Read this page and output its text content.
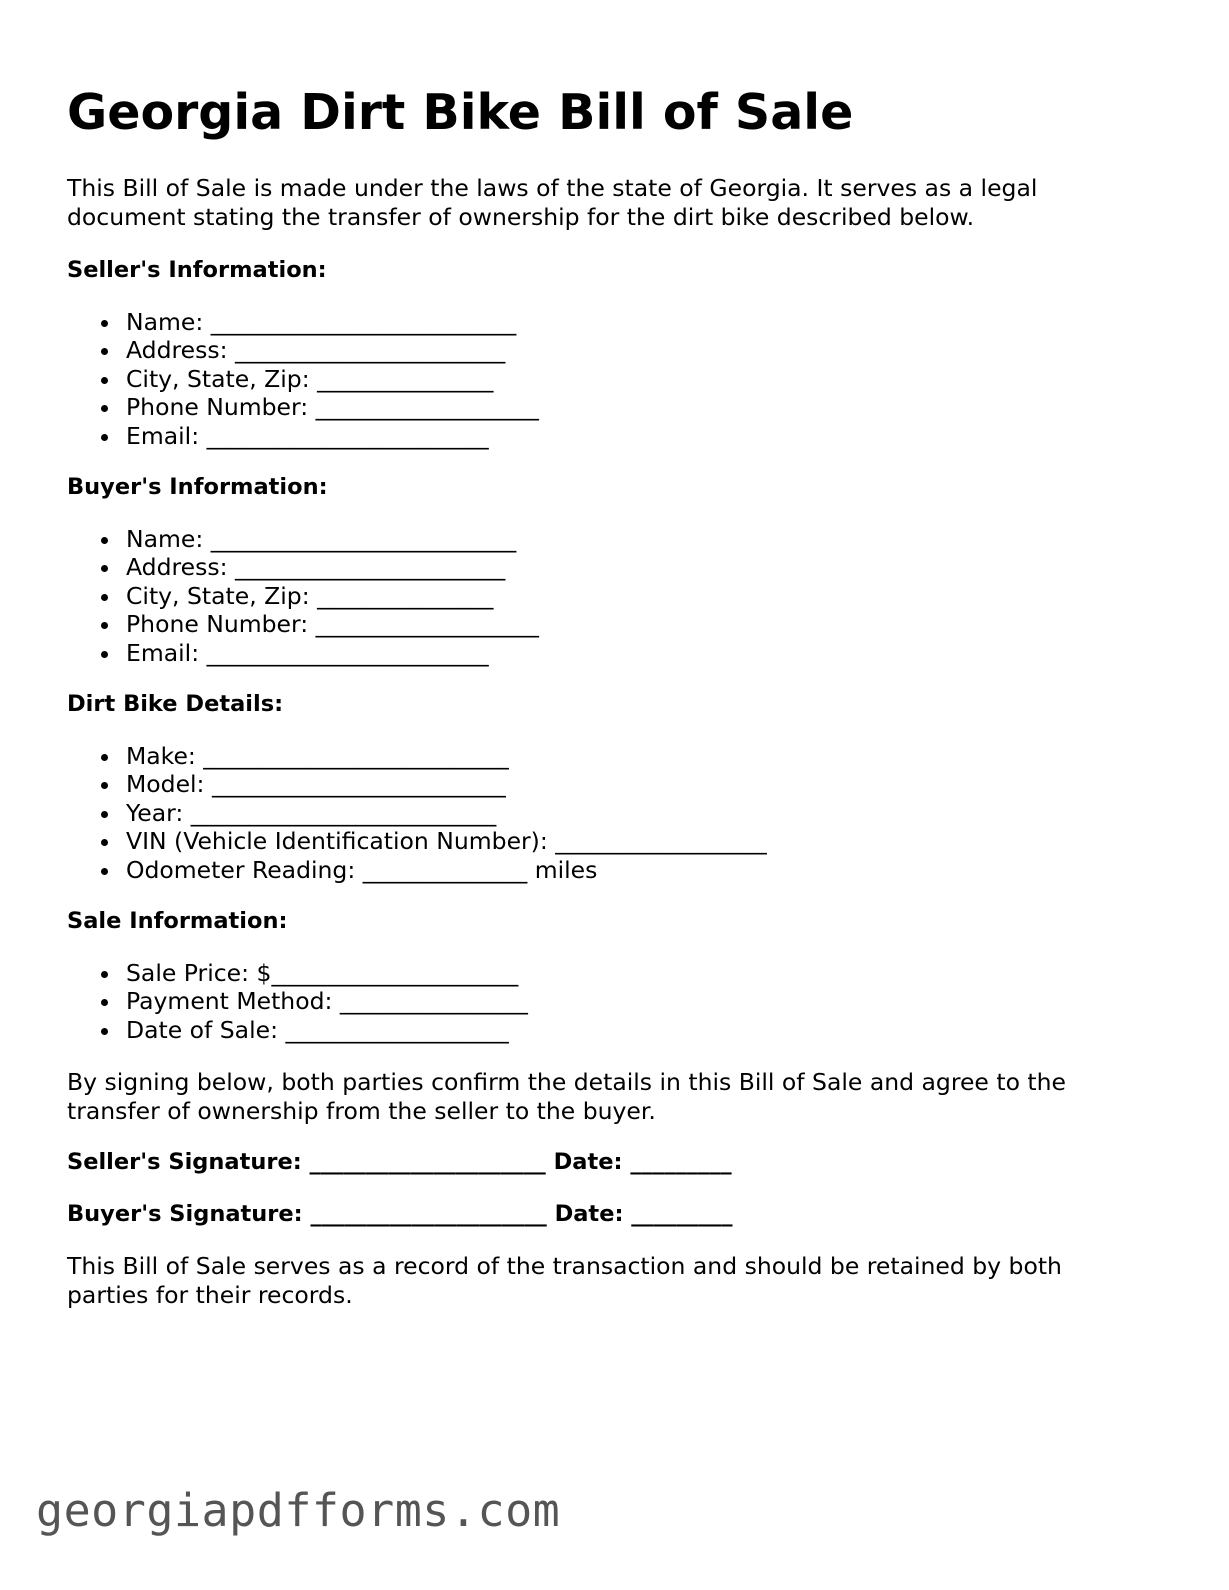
Georgia Dirt Bike Bill of Sale

This Bill of Sale is made under the laws of the state of Georgia. It serves as a legal document stating the transfer of ownership for the dirt bike described below.

Seller's Information:

Name: __________________________
Address: _______________________
City, State, Zip: _______________
Phone Number: ___________________
Email: ________________________

Buyer's Information:

Name: __________________________
Address: _______________________
City, State, Zip: _______________
Phone Number: ___________________
Email: ________________________

Dirt Bike Details:

Make: __________________________
Model: _________________________
Year: __________________________
VIN (Vehicle Identification Number): __________________
Odometer Reading: ______________ miles

Sale Information:

Sale Price: $_____________________
Payment Method: ________________
Date of Sale: ___________________

By signing below, both parties confirm the details in this Bill of Sale and agree to the transfer of ownership from the seller to the buyer.

Seller's Signature: _____________________ Date: _________

Buyer's Signature: _____________________ Date: _________

This Bill of Sale serves as a record of the transaction and should be retained by both parties for their records.

georgiapdfforms.com
